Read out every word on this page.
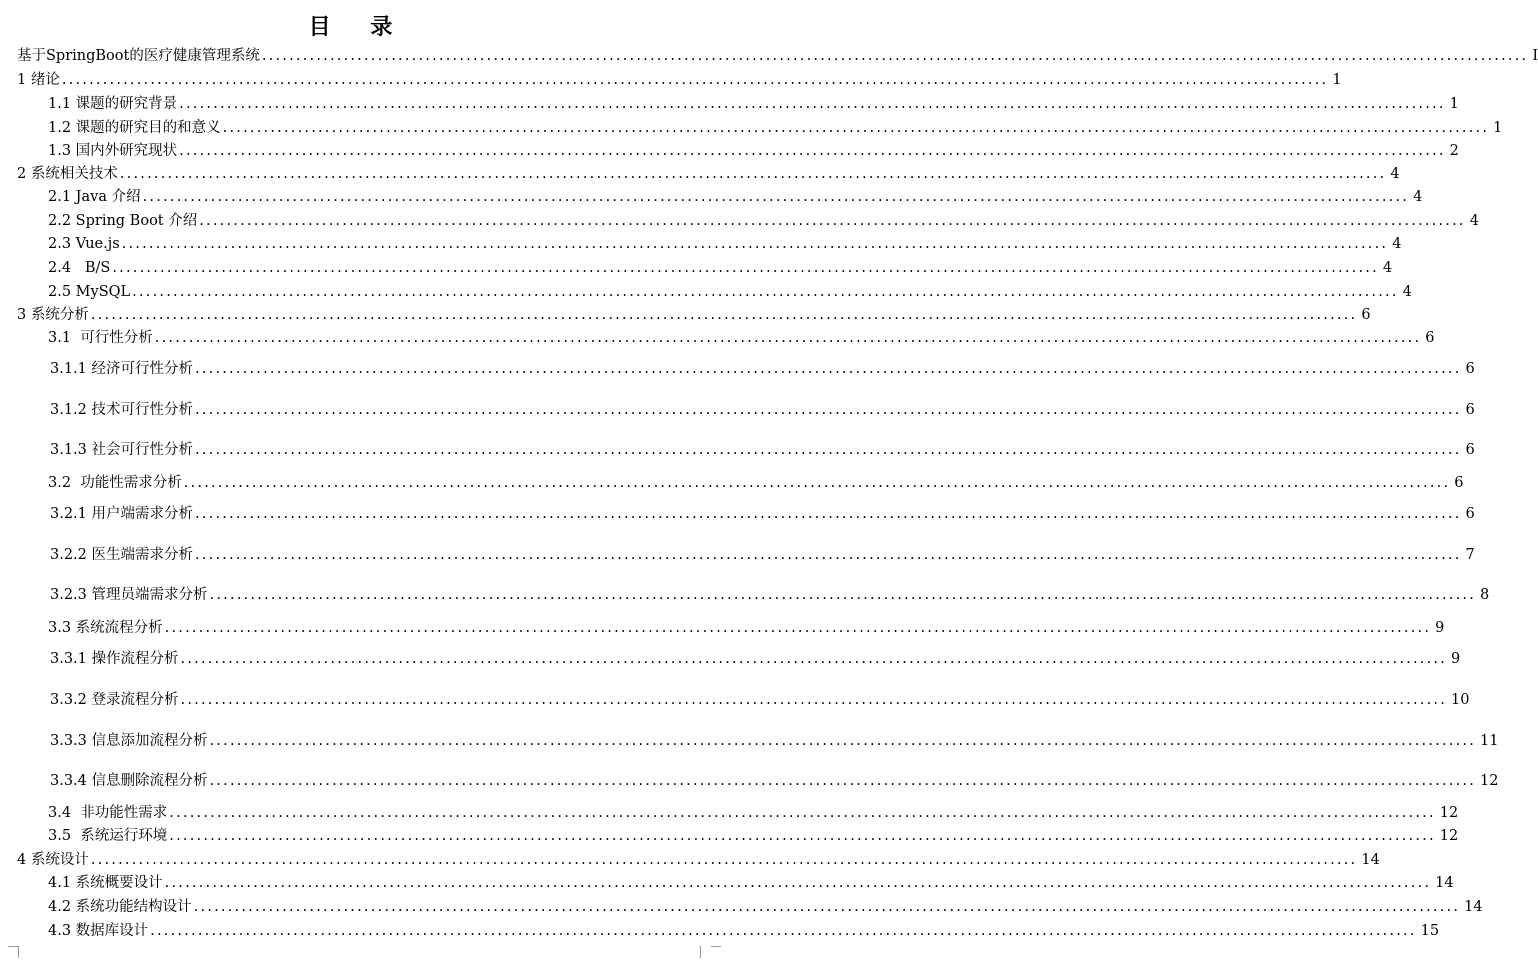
目 录
基于SpringBoot的医疗健康管理系统 .......................................................................................................................................................................................... I
1 绪论 .......................................................................................................................................................................................... 1
1.1 课题的研究背景 .......................................................................................................................................................................................... 1
1.2 课题的研究目的和意义 .......................................................................................................................................................................................... 1
1.3 国内外研究现状 .......................................................................................................................................................................................... 2
2 系统相关技术 .......................................................................................................................................................................................... 4
2.1 Java 介绍 .......................................................................................................................................................................................... 4
2.2 Spring Boot 介绍 .......................................................................................................................................................................................... 4
2.3 Vue.js .......................................................................................................................................................................................... 4
2.4   B/S .......................................................................................................................................................................................... 4
2.5 MySQL .......................................................................................................................................................................................... 4
3 系统分析 .......................................................................................................................................................................................... 6
3.1  可行性分析 .......................................................................................................................................................................................... 6
3.1.1 经济可行性分析 .......................................................................................................................................................................................... 6
3.1.2 技术可行性分析 .......................................................................................................................................................................................... 6
3.1.3 社会可行性分析 .......................................................................................................................................................................................... 6
3.2  功能性需求分析 .......................................................................................................................................................................................... 6
3.2.1 用户端需求分析 .......................................................................................................................................................................................... 6
3.2.2 医生端需求分析 .......................................................................................................................................................................................... 7
3.2.3 管理员端需求分析 .......................................................................................................................................................................................... 8
3.3 系统流程分析 .......................................................................................................................................................................................... 9
3.3.1 操作流程分析 .......................................................................................................................................................................................... 9
3.3.2 登录流程分析 .......................................................................................................................................................................................... 10
3.3.3 信息添加流程分析 .......................................................................................................................................................................................... 11
3.3.4 信息删除流程分析 .......................................................................................................................................................................................... 12
3.4  非功能性需求 .......................................................................................................................................................................................... 12
3.5  系统运行环境 .......................................................................................................................................................................................... 12
4 系统设计 .......................................................................................................................................................................................... 14
4.1 系统概要设计 .......................................................................................................................................................................................... 14
4.2 系统功能结构设计 .......................................................................................................................................................................................... 14
4.3 数据库设计 .......................................................................................................................................................................................... 15
